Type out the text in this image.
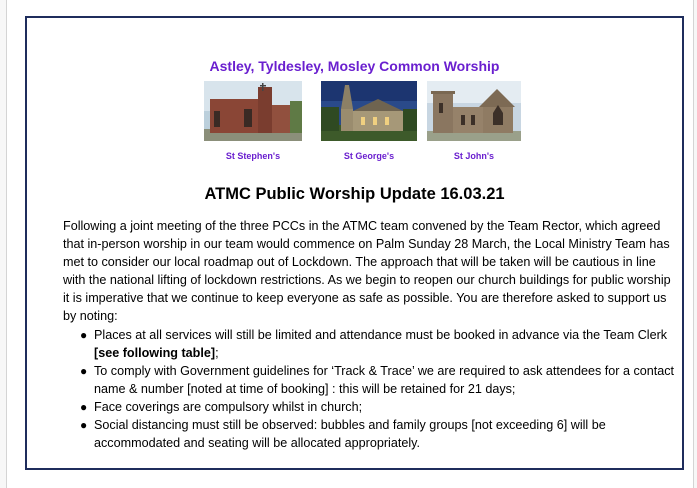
Astley, Tyldesley, Mosley Common Worship
St Stephen's	St George's	St John's
ATMC Public Worship Update 16.03.21

Following a joint meeting of the three PCCs in the ATMC team convened by the Team Rector, which agreed that in-person worship in our team would commence on Palm Sunday 28 March, the Local Ministry Team has met to consider our local roadmap out of Lockdown. The approach that will be taken will be cautious in line with the national lifting of lockdown restrictions. As we begin to reopen our church buildings for public worship it is imperative that we continue to keep everyone as safe as possible. You are therefore asked to support us by noting:

● Places at all services will still be limited and attendance must be booked in advance via the Team Clerk [see following table];
● To comply with Government guidelines for ‘Track & Trace’ we are required to ask attendees for a contact name & number [noted at time of booking] : this will be retained for 21 days;
● Face coverings are compulsory whilst in church;
● Social distancing must still be observed: bubbles and family groups [not exceeding 6] will be accommodated and seating will be allocated appropriately.
